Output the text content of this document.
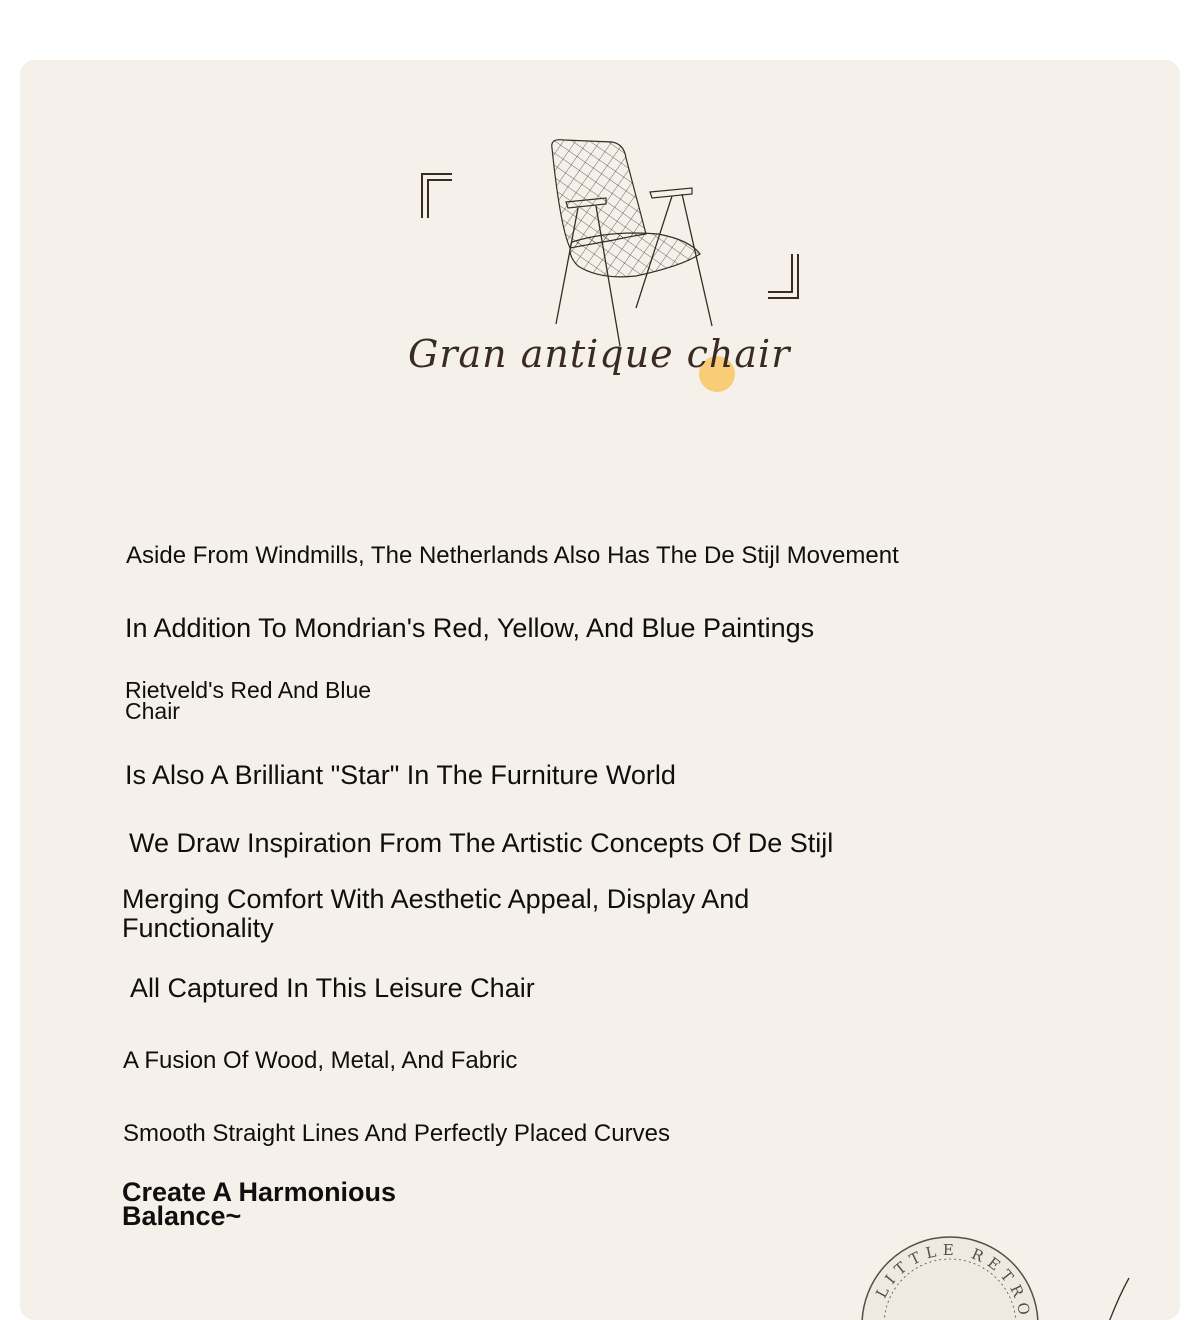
Gran antique chair
Aside From Windmills, The Netherlands Also Has The De Stijl Movement
In Addition To Mondrian's Red, Yellow, And Blue Paintings
Rietveld's Red And Blue Chair
Is Also A Brilliant "Star" In The Furniture World
We Draw Inspiration From The Artistic Concepts Of De Stijl
Merging Comfort With Aesthetic Appeal, Display And Functionality
All Captured In This Leisure Chair
A Fusion Of Wood, Metal, And Fabric
Smooth Straight Lines And Perfectly Placed Curves
Create A Harmonious Balance~
LITTLE RETRO
